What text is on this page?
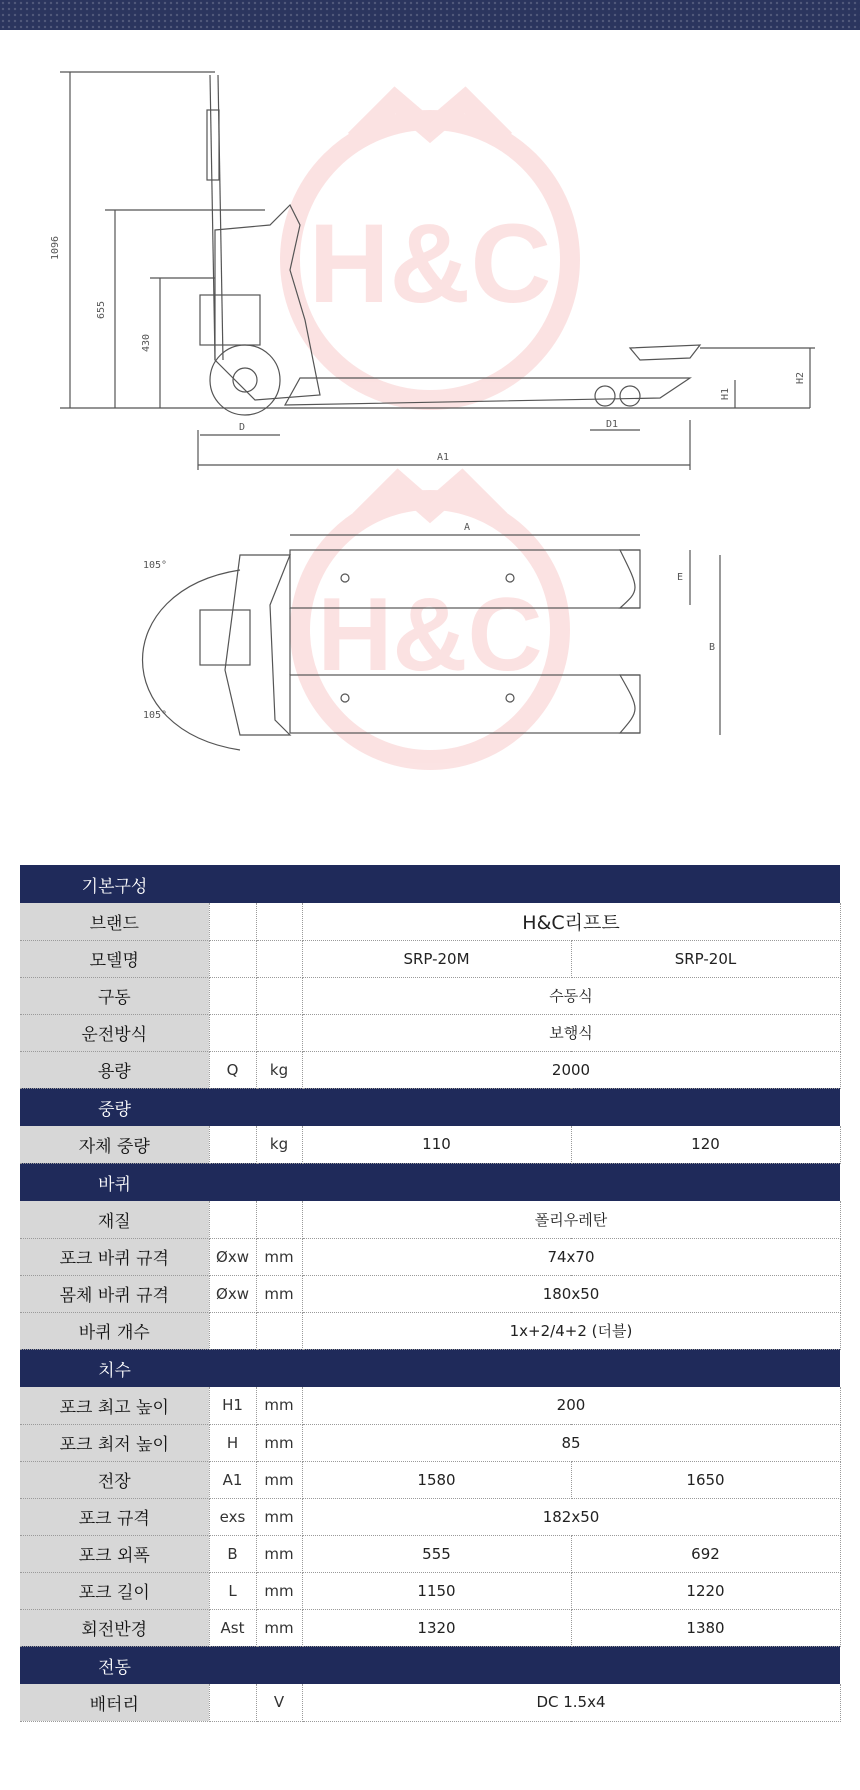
H&C
H&C
1096
655
430
A1
D	D1
H1
H2
A
E
B
105°
105°
기본구성				
브랜드			H&C리프트	
모델명			SRP-20M	SRP-20L
구동			수동식	
운전방식			보행식	
용량	Q	kg	2000	
중량				
자체 중량		kg	110	120
바퀴				
재질			폴리우레탄	
포크 바퀴 규격	Øxw	mm	74x70	
몸체 바퀴 규격	Øxw	mm	180x50	
바퀴 개수			1x+2/4+2 (더블)	
치수				
포크 최고 높이	H1	mm	200	
포크 최저 높이	H	mm	85	
전장	A1	mm	1580	1650
포크 규격	exs	mm	182x50	
포크 외폭	B	mm	555	692
포크 길이	L	mm	1150	1220
회전반경	Ast	mm	1320	1380
전동				
배터리		V	DC 1.5x4	
